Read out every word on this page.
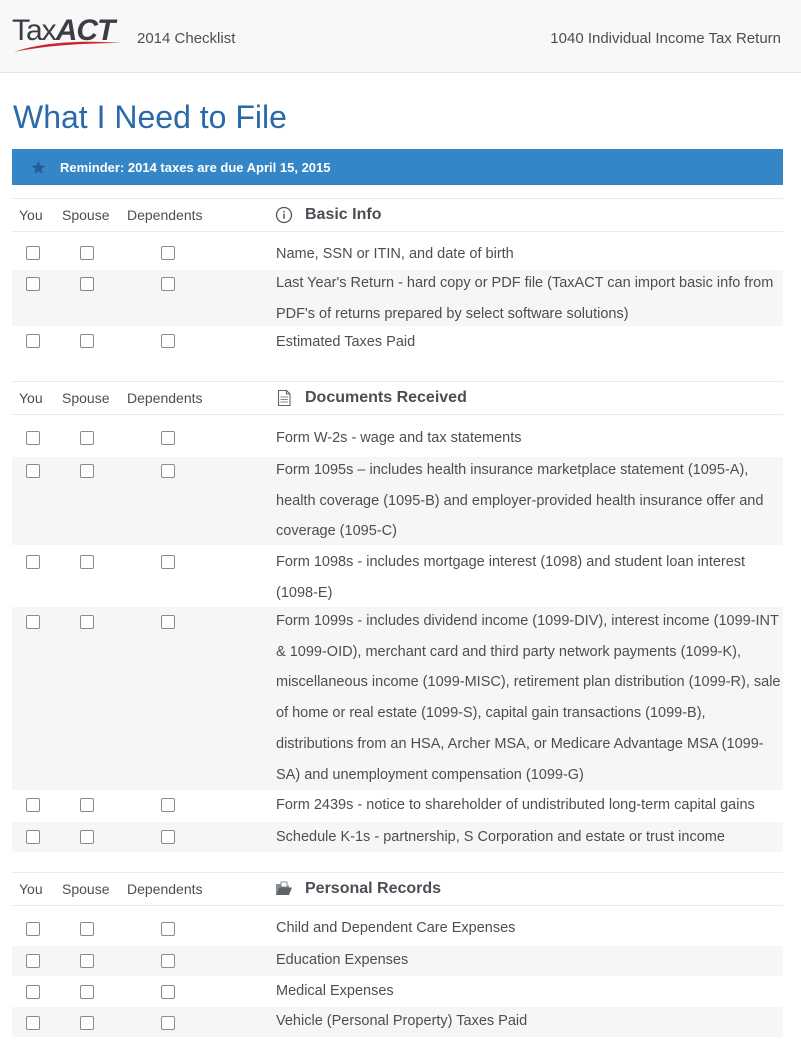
TaxACT 2014 Checklist	1040 Individual Income Tax Return
What I Need to File
Reminder: 2014 taxes are due April 15, 2015
You Spouse Dependents	Basic Info
Name, SSN or ITIN, and date of birth
Last Year's Return - hard copy or PDF file (TaxACT can import basic info from PDF's of returns prepared by select software solutions)
Estimated Taxes Paid
You Spouse Dependents	Documents Received
Form W-2s - wage and tax statements
Form 1095s – includes health insurance marketplace statement (1095-A), health coverage (1095-B) and employer-provided health insurance offer and coverage (1095-C)
Form 1098s - includes mortgage interest (1098) and student loan interest (1098-E)
Form 1099s - includes dividend income (1099-DIV), interest income (1099-INT & 1099-OID), merchant card and third party network payments (1099-K), miscellaneous income (1099-MISC), retirement plan distribution (1099-R), sale of home or real estate (1099-S), capital gain transactions (1099-B), distributions from an HSA, Archer MSA, or Medicare Advantage MSA (1099-SA) and unemployment compensation (1099-G)
Form 2439s - notice to shareholder of undistributed long-term capital gains
Schedule K-1s - partnership, S Corporation and estate or trust income
You Spouse Dependents	Personal Records
Child and Dependent Care Expenses
Education Expenses
Medical Expenses
Vehicle (Personal Property) Taxes Paid
